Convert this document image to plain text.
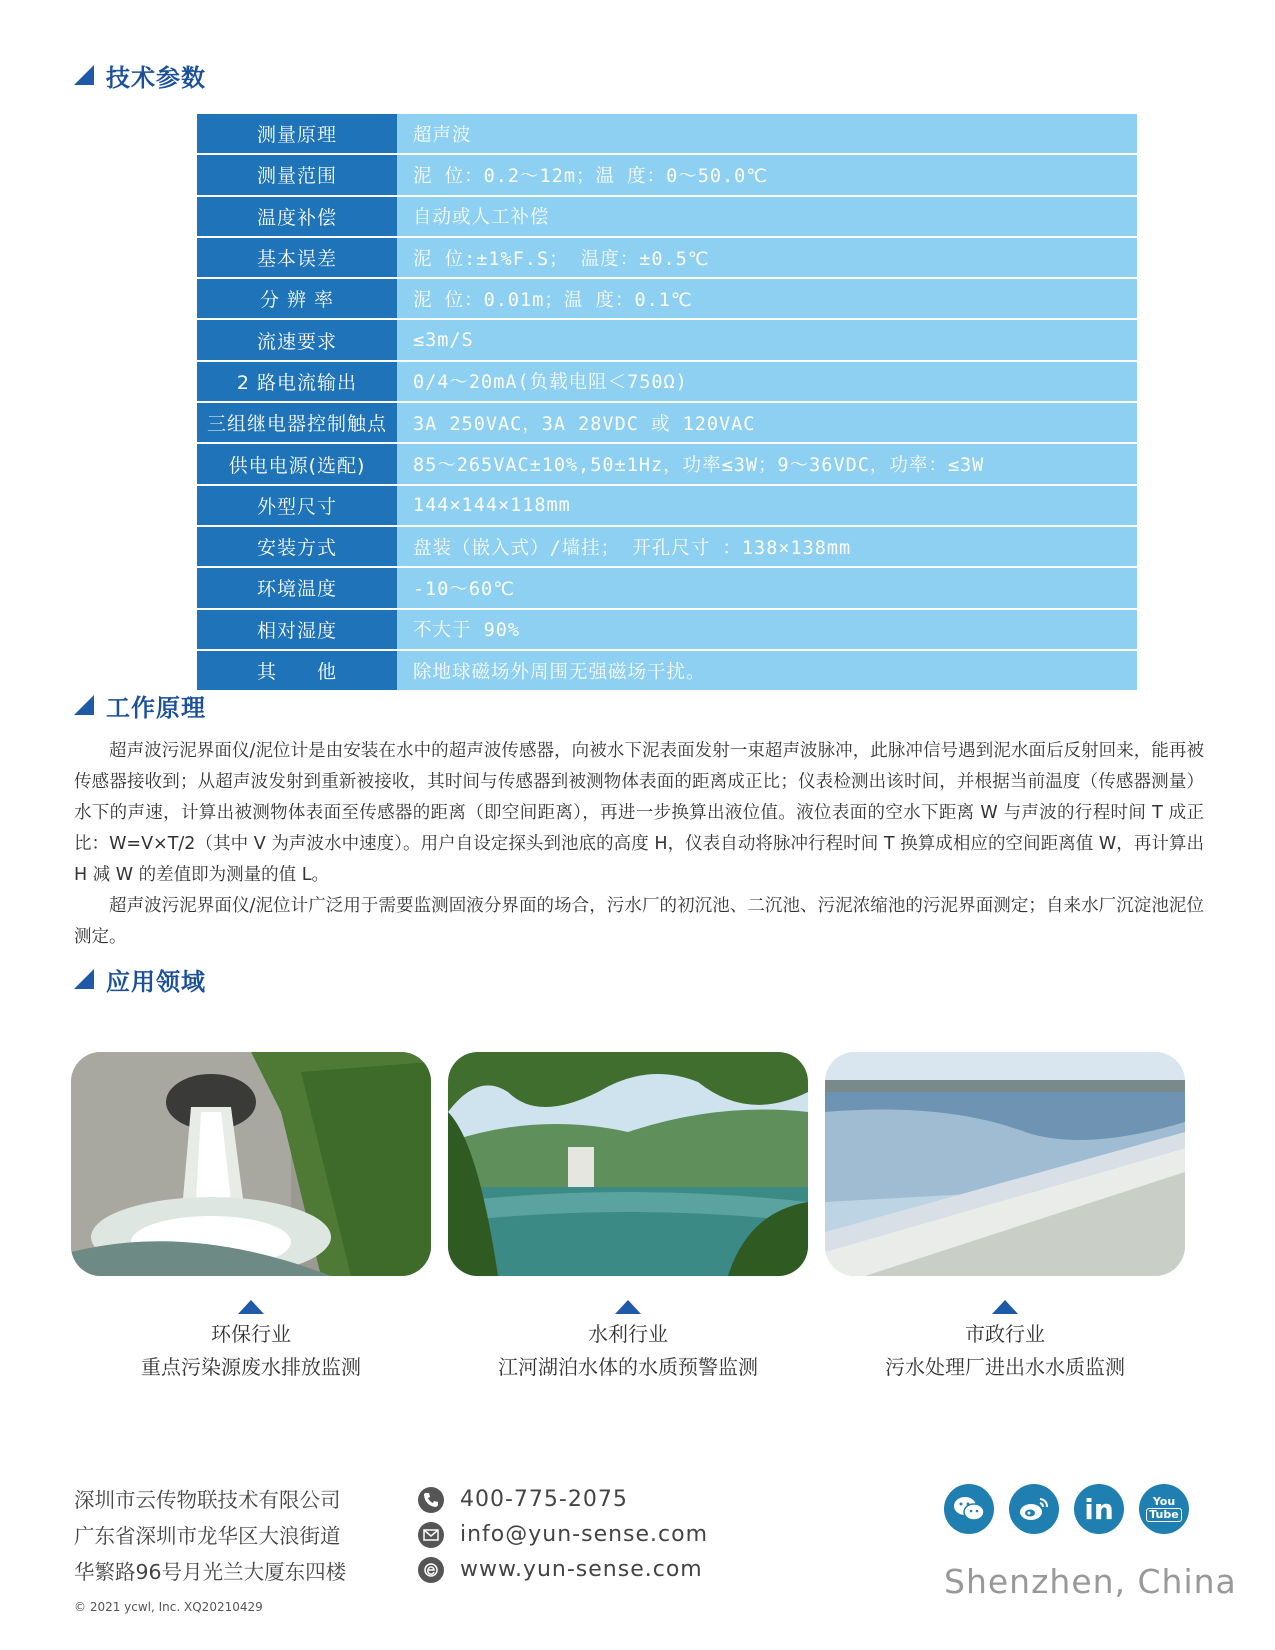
技术参数
测量原理	超声波
测量范围	泥 位：0.2～12m；温 度：0～50.0℃
温度补偿	自动或人工补偿
基本误差	泥 位:±1%F.S； 温度：±0.5℃
分 辨 率	泥 位：0.01m；温 度：0.1℃
流速要求	≤3m/S
2 路电流输出	0/4～20mA(负载电阻＜750Ω)
三组继电器控制触点	3A 250VAC，3A 28VDC 或 120VAC
供电电源(选配)	85～265VAC±10%,50±1Hz，功率≤3W；9～36VDC，功率：≤3W
外型尺寸	144×144×118mm
安装方式	盘装（嵌入式）/墙挂； 开孔尺寸 ：138×138mm
环境温度	-10～60℃
相对湿度	不大于 90%
其　　他	除地球磁场外周围无强磁场干扰。
工作原理

超声波污泥界面仪/泥位计是由安装在水中的超声波传感器，向被水下泥表面发射一束超声波脉冲，此脉冲信号遇到泥水面后反射回来，能再被传感器接收到；从超声波发射到重新被接收，其时间与传感器到被测物体表面的距离成正比；仪表检测出该时间，并根据当前温度（传感器测量）水下的声速，计算出被测物体表面至传感器的距离（即空间距离），再进一步换算出液位值。液位表面的空水下距离 W 与声波的行程时间 T 成正比：W=V×T/2（其中 V 为声波水中速度）。用户自设定探头到池底的高度 H，仪表自动将脉冲行程时间 T 换算成相应的空间距离值 W，再计算出 H 减 W 的差值即为测量的值 L。

超声波污泥界面仪/泥位计广泛用于需要监测固液分界面的场合，污水厂的初沉池、二沉池、污泥浓缩池的污泥界面测定；自来水厂沉淀池泥位测定。

应用领域
环保行业
重点污染源废水排放监测
水利行业
江河湖泊水体的水质预警监测
市政行业
污水处理厂进出水水质监测
深圳市云传物联技术有限公司
广东省深圳市龙华区大浪街道
华繁路96号月光兰大厦东四楼
400-775-2075
info@yun-sense.com
www.yun-sense.com
in	You
Tube
Shenzhen, China
© 2021 ycwl, Inc. XQ20210429
